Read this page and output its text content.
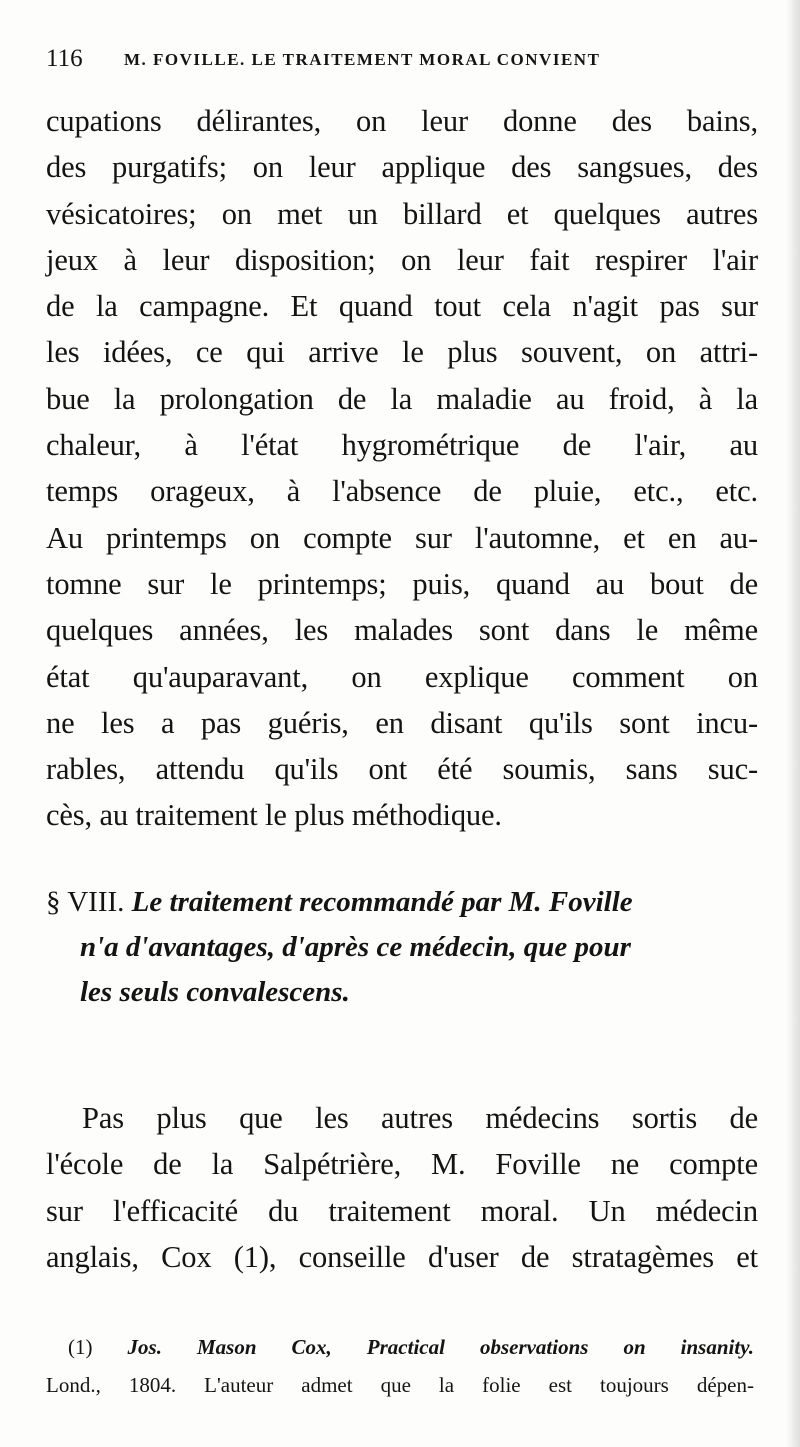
116 M. FOVILLE. LE TRAITEMENT MORAL CONVIENT
cupations délirantes, on leur donne des bains,
des purgatifs; on leur applique des sangsues, des
vésicatoires; on met un billard et quelques autres
jeux à leur disposition; on leur fait respirer l'air
de la campagne. Et quand tout cela n'agit pas sur
les idées, ce qui arrive le plus souvent, on attri-
bue la prolongation de la maladie au froid, à la
chaleur, à l'état hygrométrique de l'air, au
temps orageux, à l'absence de pluie, etc., etc.
Au printemps on compte sur l'automne, et en au-
tomne sur le printemps; puis, quand au bout de
quelques années, les malades sont dans le même
état qu'auparavant, on explique comment on
ne les a pas guéris, en disant qu'ils sont incu-
rables, attendu qu'ils ont été soumis, sans suc-
cès, au traitement le plus méthodique.
§ VIII. Le traitement recommandé par M. Foville
n'a d'avantages, d'après ce médecin, que pour
les seuls convalescens.
Pas plus que les autres médecins sortis de
l'école de la Salpétrière, M. Foville ne compte
sur l'efficacité du traitement moral. Un médecin
anglais, Cox (1), conseille d'user de stratagèmes et
(1) Jos. Mason Cox, Practical observations on insanity.
Lond., 1804. L'auteur admet que la folie est toujours dépen-
